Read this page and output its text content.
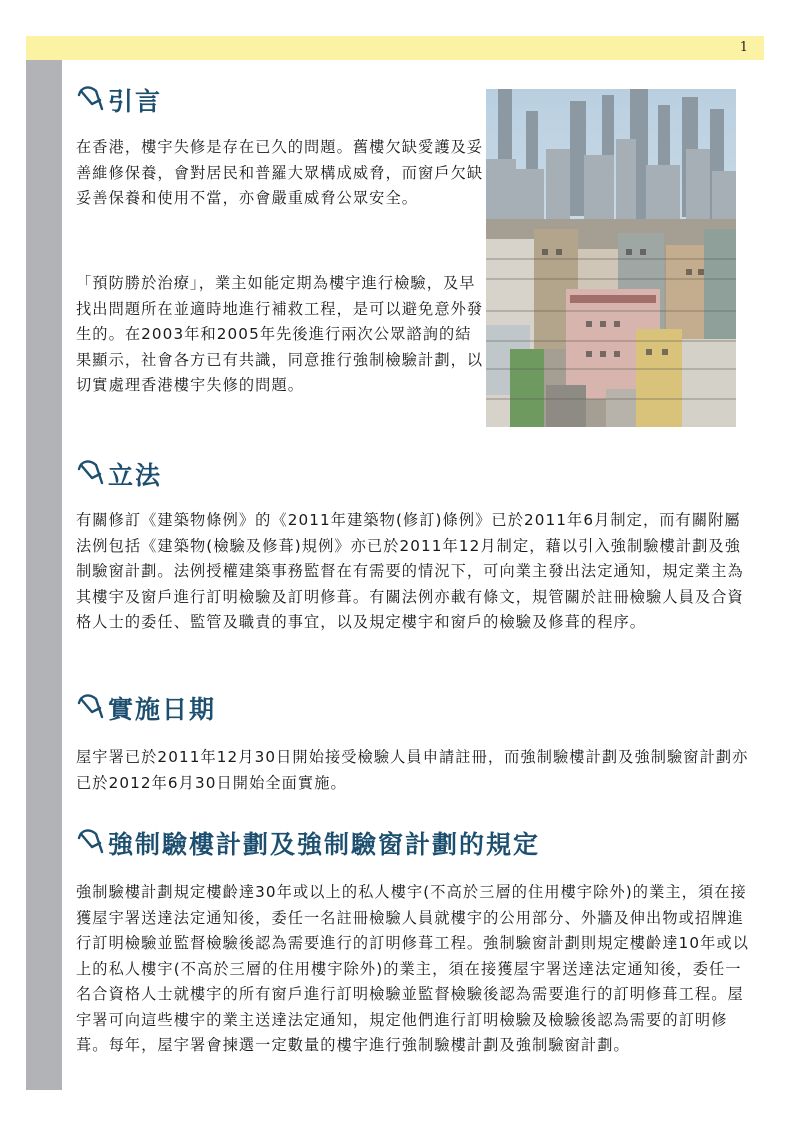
1
引言

在香港，樓宇失修是存在已久的問題。舊樓欠缺愛護及妥善維修保養，會對居民和普羅大眾構成威脅，而窗戶欠缺妥善保養和使用不當，亦會嚴重威脅公眾安全。

「預防勝於治療」，業主如能定期為樓宇進行檢驗，及早找出問題所在並適時地進行補救工程，是可以避免意外發生的。在2003年和2005年先後進行兩次公眾諮詢的結果顯示，社會各方已有共識，同意推行強制檢驗計劃，以切實處理香港樓宇失修的問題。

立法

有關修訂《建築物條例》的《2011年建築物(修訂)條例》已於2011年6月制定，而有關附屬法例包括《建築物(檢驗及修葺)規例》亦已於2011年12月制定，藉以引入強制驗樓計劃及強制驗窗計劃。法例授權建築事務監督在有需要的情況下，可向業主發出法定通知，規定業主為其樓宇及窗戶進行訂明檢驗及訂明修葺。有關法例亦載有條文，規管關於註冊檢驗人員及合資格人士的委任、監管及職責的事宜，以及規定樓宇和窗戶的檢驗及修葺的程序。

實施日期

屋宇署已於2011年12月30日開始接受檢驗人員申請註冊，而強制驗樓計劃及強制驗窗計劃亦已於2012年6月30日開始全面實施。

強制驗樓計劃及強制驗窗計劃的規定

強制驗樓計劃規定樓齡達30年或以上的私人樓宇(不高於三層的住用樓宇除外)的業主，須在接獲屋宇署送達法定通知後，委任一名註冊檢驗人員就樓宇的公用部分、外牆及伸出物或招牌進行訂明檢驗並監督檢驗後認為需要進行的訂明修葺工程。強制驗窗計劃則規定樓齡達10年或以上的私人樓宇(不高於三層的住用樓宇除外)的業主，須在接獲屋宇署送達法定通知後，委任一名合資格人士就樓宇的所有窗戶進行訂明檢驗並監督檢驗後認為需要進行的訂明修葺工程。屋宇署可向這些樓宇的業主送達法定通知，規定他們進行訂明檢驗及檢驗後認為需要的訂明修葺。每年，屋宇署會揀選一定數量的樓宇進行強制驗樓計劃及強制驗窗計劃。
